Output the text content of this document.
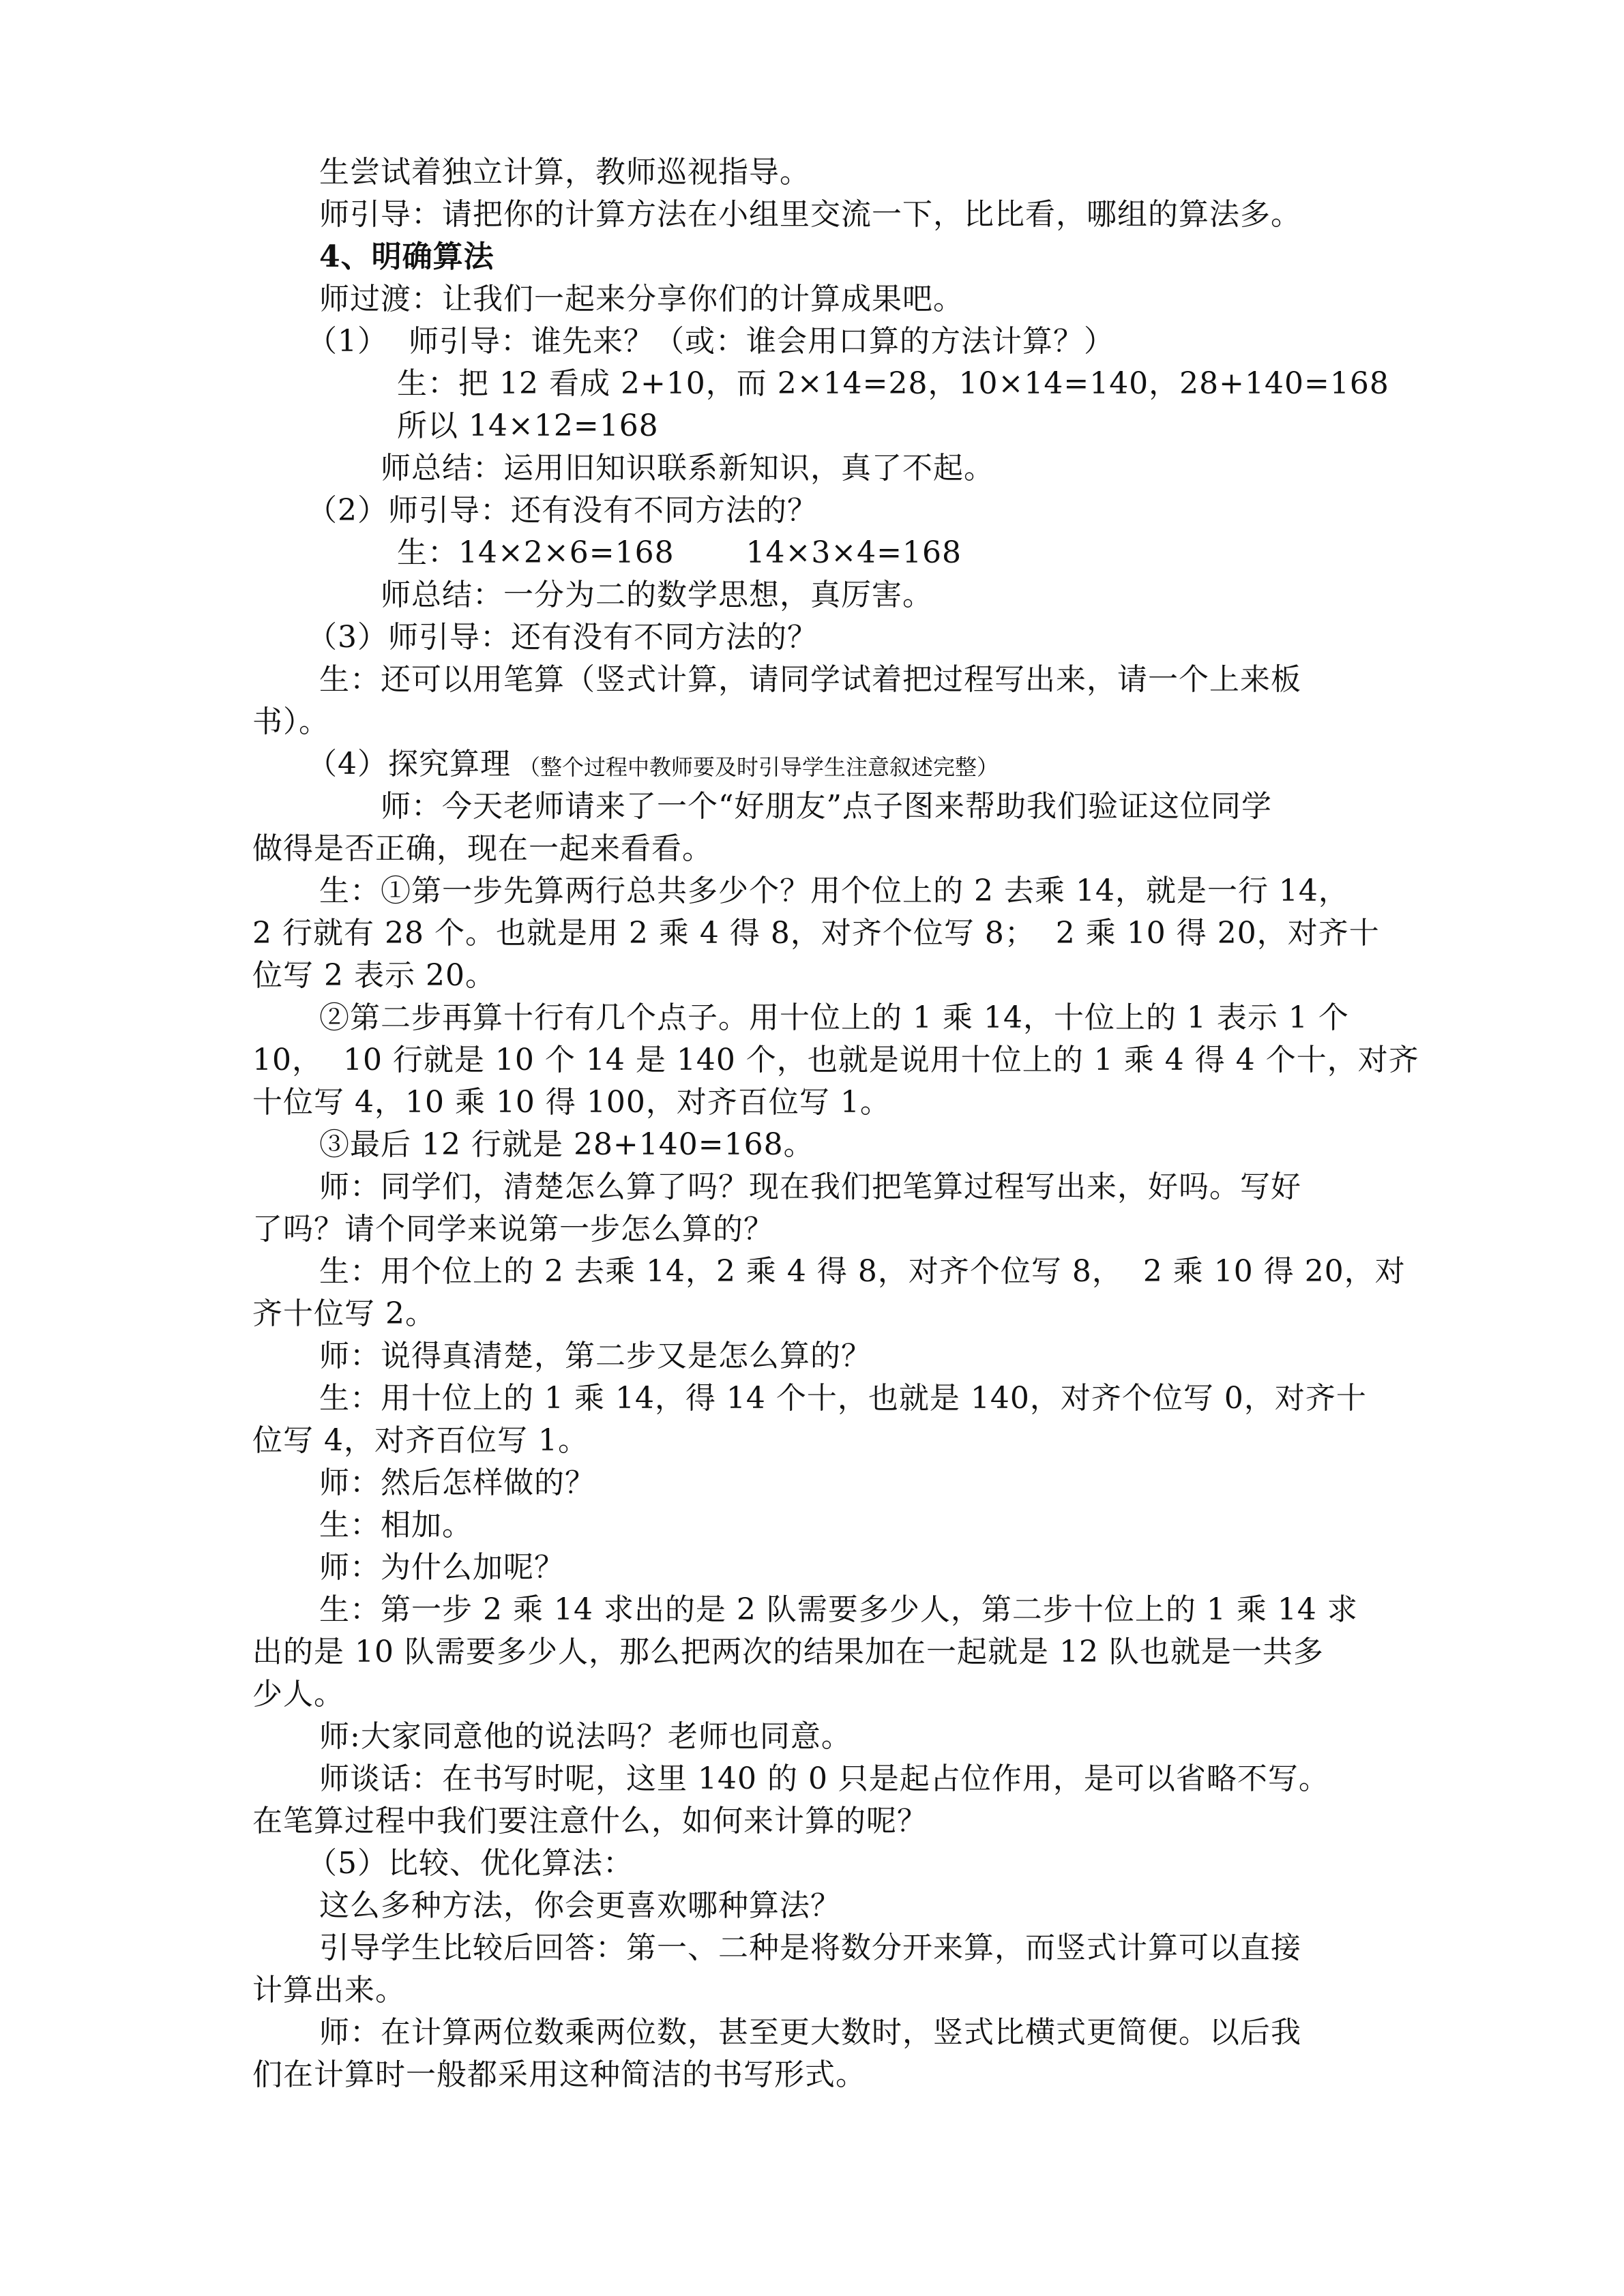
生尝试着独立计算，教师巡视指导。
师引导：请把你的计算方法在小组里交流一下，比比看，哪组的算法多。
4、明确算法
师过渡：让我们一起来分享你们的计算成果吧。
（1）  师引导：谁先来？（或：谁会用口算的方法计算？）
生：把 12 看成 2+10，而 2×14=28，10×14=140，28+140=168
所以 14×12=168
师总结：运用旧知识联系新知识，真了不起。
（2）师引导：还有没有不同方法的？
生：14×2×6=168       14×3×4=168
师总结：一分为二的数学思想，真厉害。
（3）师引导：还有没有不同方法的？
生：还可以用笔算（竖式计算，请同学试着把过程写出来，请一个上来板
书）。
（4）探究算理 （整个过程中教师要及时引导学生注意叙述完整）
师：今天老师请来了一个“好朋友”点子图来帮助我们验证这位同学
做得是否正确，现在一起来看看。
生：①第一步先算两行总共多少个？用个位上的 2 去乘 14，就是一行 14，
2 行就有 28 个。也就是用 2 乘 4 得 8，对齐个位写 8；  2 乘 10 得 20，对齐十
位写 2 表示 20。
②第二步再算十行有几个点子。用十位上的 1 乘 14，十位上的 1 表示 1 个
10，  10 行就是 10 个 14 是 140 个，也就是说用十位上的 1 乘 4 得 4 个十，对齐
十位写 4，10 乘 10 得 100，对齐百位写 1。
③最后 12 行就是 28+140=168。
师：同学们，清楚怎么算了吗？现在我们把笔算过程写出来，好吗。写好
了吗？请个同学来说第一步怎么算的？
生：用个位上的 2 去乘 14，2 乘 4 得 8，对齐个位写 8，  2 乘 10 得 20，对
齐十位写 2。
师：说得真清楚，第二步又是怎么算的？
生：用十位上的 1 乘 14，得 14 个十，也就是 140，对齐个位写 0，对齐十
位写 4，对齐百位写 1。
师：然后怎样做的？
生：相加。
师：为什么加呢？
生：第一步 2 乘 14 求出的是 2 队需要多少人，第二步十位上的 1 乘 14 求
出的是 10 队需要多少人，那么把两次的结果加在一起就是 12 队也就是一共多
少人。
师:大家同意他的说法吗？老师也同意。
师谈话：在书写时呢，这里 140 的 0 只是起占位作用，是可以省略不写。
在笔算过程中我们要注意什么，如何来计算的呢？
（5）比较、优化算法：
这么多种方法，你会更喜欢哪种算法？
引导学生比较后回答：第一、二种是将数分开来算，而竖式计算可以直接
计算出来。
师：在计算两位数乘两位数，甚至更大数时，竖式比横式更简便。以后我
们在计算时一般都采用这种简洁的书写形式。
